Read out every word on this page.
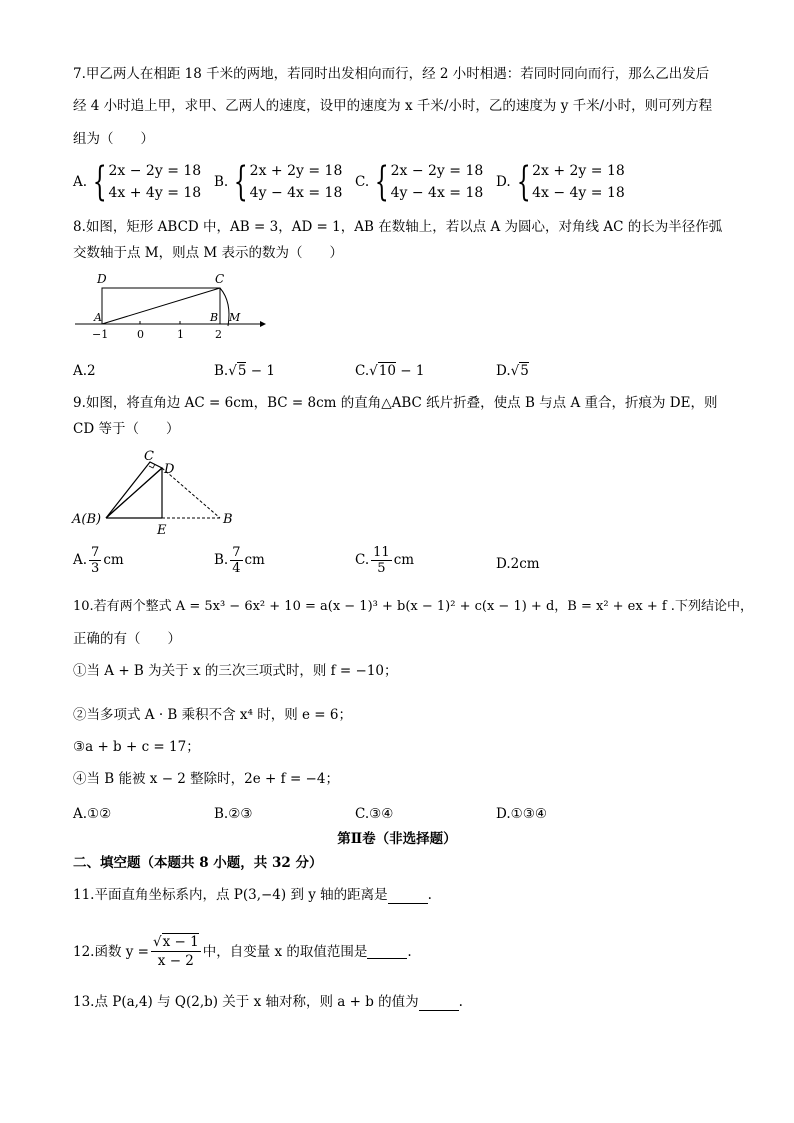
7.甲乙两人在相距 18 千米的两地，若同时出发相向而行，经 2 小时相遇：若同时同向而行，那么乙出发后
经 4 小时追上甲，求甲、乙两人的速度，设甲的速度为 x 千米/小时，乙的速度为 y 千米/小时，则可列方程
组为（　　）
A. { 2x − 2y = 18
4x + 4y = 18
B. { 2x + 2y = 18
4y − 4x = 18
C. { 2x − 2y = 18
4y − 4x = 18
D. { 2x + 2y = 18
4x − 4y = 18
8.如图，矩形 ABCD 中，AB = 3，AD = 1，AB 在数轴上，若以点 A 为圆心，对角线 AC 的长为半径作弧
交数轴于点 M，则点 M 表示的数为（　　）
D	C
A	B M
−1	0	1	2
A.2	B.√5 − 1	C.√10 − 1	D.√5
9.如图，将直角边 AC = 6cm，BC = 8cm 的直角△ABC 纸片折叠，使点 B 与点 A 重合，折痕为 DE，则
CD 等于（　　）
C
D
A(B)	B
E
A. $\frac{7}{3}$ cm	B. $\frac{7}{4}$ cm	C. $\frac{11}{5}$ cm	D.2cm
10.若有两个整式 A = 5x³ − 6x² + 10 = a(x − 1)³ + b(x − 1)² + c(x − 1) + d，B = x² + ex + f .下列结论中，
正确的有（　　）
①当 A + B 为关于 x 的三次三项式时，则 f = −10；
②当多项式 A · B 乘积不含 x⁴ 时，则 e = 6；
③a + b + c = 17；
④当 B 能被 x − 2 整除时，2e + f = −4；
A.①②	B.②③	C.③④	D.①③④
第Ⅱ卷（非选择题）
二、填空题（本题共 8 小题，共 32 分）
11.平面直角坐标系内，点 P(3,−4) 到 y 轴的距离是	.
12.函数 $y = \frac{√x - 1}{x - 2}$ 中，自变量 x 的取值范围是	.
13.点 P(a,4) 与 Q(2,b) 关于 x 轴对称，则 a + b 的值为	.
